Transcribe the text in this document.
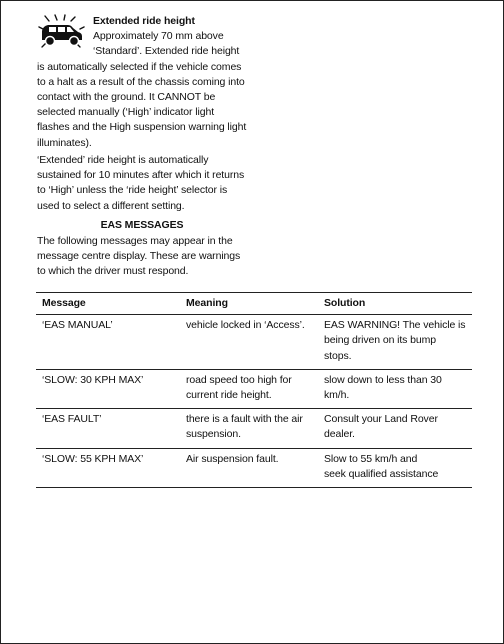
Extended ride height
Approximately 70 mm above
‘Standard’. Extended ride height
is automatically selected if the vehicle comes
to a halt as a result of the chassis coming into
contact with the ground. It CANNOT be
selected manually (‘High’ indicator light
flashes and the High suspension warning light
illuminates).
‘Extended’ ride height is automatically
sustained for 10 minutes after which it returns
to ‘High’ unless the ‘ride height’ selector is
used to select a different setting.
EAS MESSAGES
The following messages may appear in the
message centre display. These are warnings
to which the driver must respond.
Message	Meaning	Solution
‘EAS MANUAL’	vehicle locked in ‘Access’.	EAS WARNING! The vehicle is
being driven on its bump stops.

‘SLOW: 30 KPH MAX’	road speed too high for
current ride height.	slow down to less than 30 km/h.

‘EAS FAULT’	there is a fault with the air
suspension.	Consult your Land Rover dealer.

‘SLOW: 55 KPH MAX’	Air suspension fault.	Slow to 55 km/h and
seek qualified assistance
